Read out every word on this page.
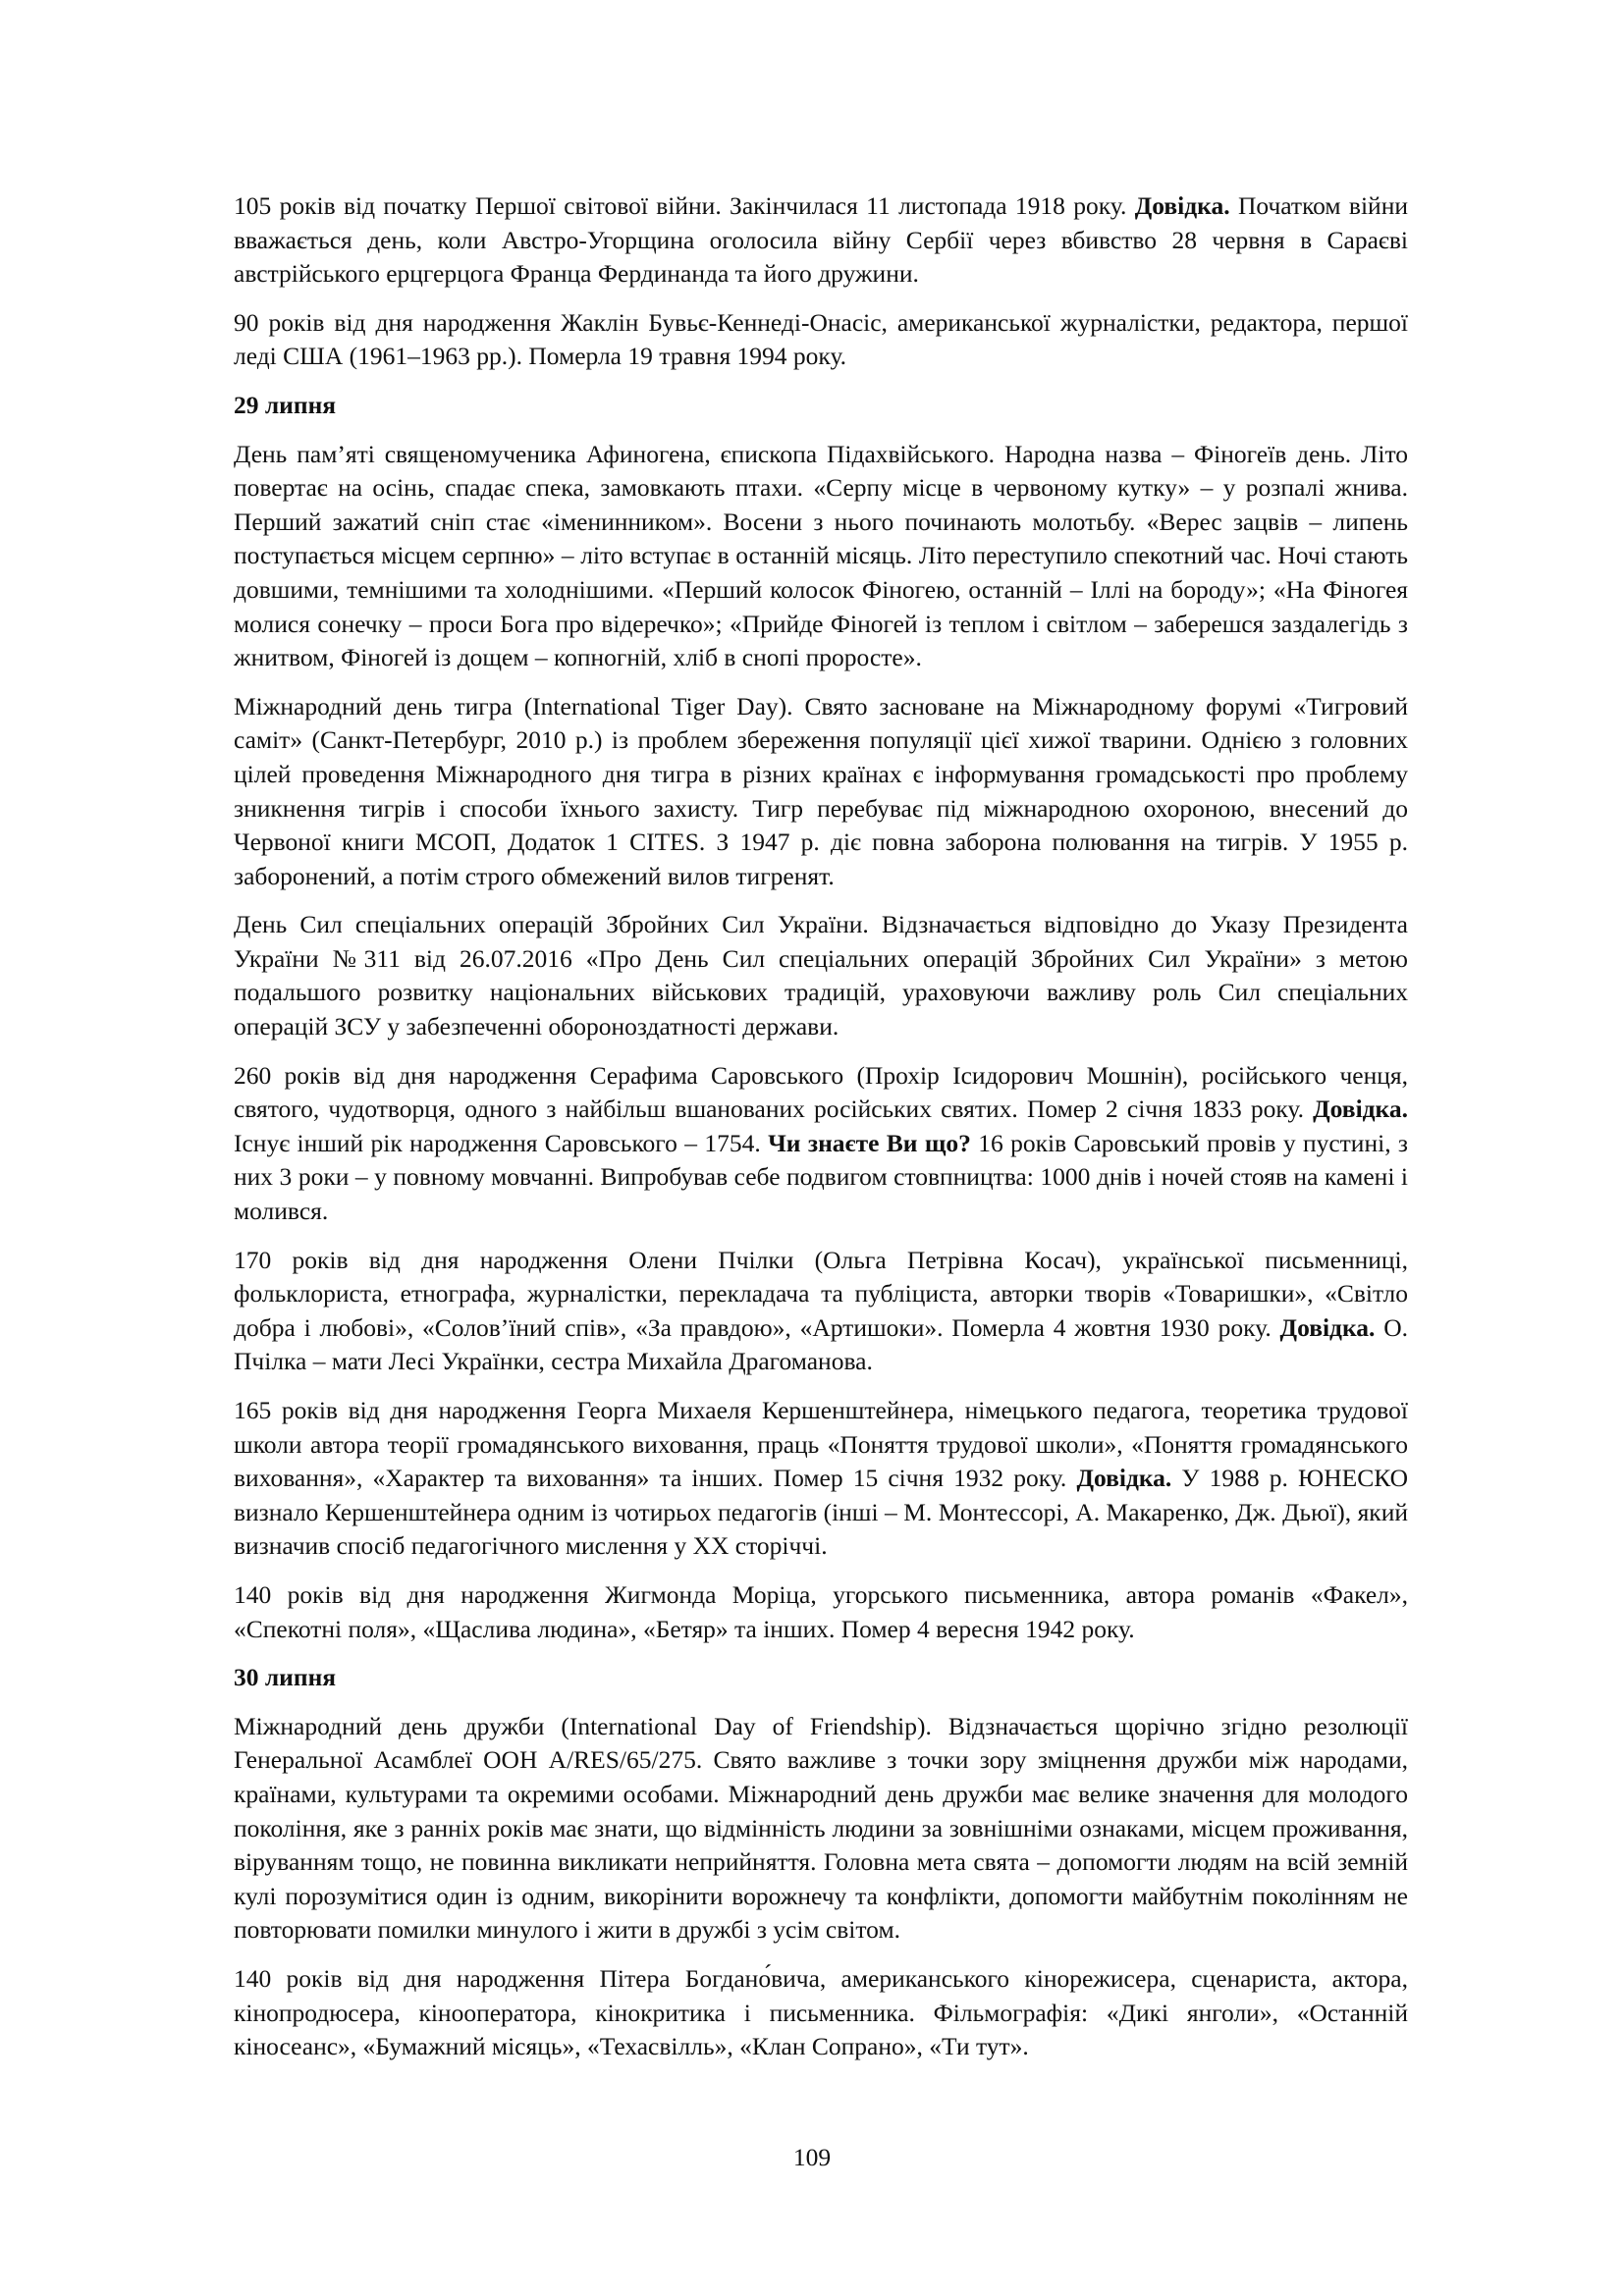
105 років від початку Першої світової війни. Закінчилася 11 листопада 1918 року. Довідка. Початком війни вважається день, коли Австро-Угорщина оголосила війну Сербії через вбивство 28 червня в Сараєві австрійського ерцгерцога Франца Фердинанда та його дружини.

90 років від дня народження Жаклін Бувьє-Кеннеді-Онасіс, американської журналістки, редактора, першої леді США (1961–1963 рр.). Померла 19 травня 1994 року.

29 липня

День пам’яті священомученика Афиногена, єпископа Підахвійського. Народна назва – Фіногеїв день. Літо повертає на осінь, спадає спека, замовкають птахи. «Серпу місце в червоному кутку» – у розпалі жнива. Перший зажатий сніп стає «іменинником». Восени з нього починають молотьбу. «Верес зацвів – липень поступається місцем серпню» – літо вступає в останній місяць. Літо переступило спекотний час. Ночі стають довшими, темнішими та холоднішими. «Перший колосок Фіногею, останній – Іллі на бороду»; «На Фіногея молися сонечку – проси Бога про відеречко»; «Прийде Фіногей із теплом і світлом – заберешся заздалегідь з жнитвом, Фіногей із дощем – копногній, хліб в снопі проросте».

Міжнародний день тигра (International Tiger Day). Свято засноване на Міжнародному форумі «Тигровий саміт» (Санкт-Петербург, 2010 р.) із проблем збереження популяції цієї хижої тварини. Однією з головних цілей проведення Міжнародного дня тигра в різних країнах є інформування громадськості про проблему зникнення тигрів і способи їхнього захисту. Тигр перебуває під міжнародною охороною, внесений до Червоної книги МСОП, Додаток 1 CITES. З 1947 р. діє повна заборона полювання на тигрів. У 1955 р. заборонений, а потім строго обмежений вилов тигренят.

День Сил спеціальних операцій Збройних Сил України. Відзначається відповідно до Указу Президента України №311 від 26.07.2016 «Про День Сил спеціальних операцій Збройних Сил України» з метою подальшого розвитку національних військових традицій, ураховуючи важливу роль Сил спеціальних операцій ЗСУ у забезпеченні обороноздатності держави.

260 років від дня народження Серафима Саровського (Прохір Ісидорович Мошнін), російського ченця, святого, чудотворця, одного з найбільш вшанованих російських святих. Помер 2 січня 1833 року. Довідка. Існує інший рік народження Саровського – 1754. Чи знаєте Ви що? 16 років Саровський провів у пустині, з них 3 роки – у повному мовчанні. Випробував себе подвигом стовпництва: 1000 днів і ночей стояв на камені і молився.

170 років від дня народження Олени Пчілки (Ольга Петрівна Косач), української письменниці, фольклориста, етнографа, журналістки, перекладача та публіциста, авторки творів «Товаришки», «Світло добра і любові», «Солов’їний спів», «За правдою», «Артишоки». Померла 4 жовтня 1930 року. Довідка. О. Пчілка – мати Лесі Українки, сестра Михайла Драгоманова.

165 років від дня народження Георга Михаеля Кершенштейнера, німецького педагога, теоретика трудової школи автора теорії громадянського виховання, праць «Поняття трудової школи», «Поняття громадянського виховання», «Характер та виховання» та інших. Помер 15 січня 1932 року. Довідка. У 1988 р. ЮНЕСКО визнало Кершенштейнера одним із чотирьох педагогів (інші – М. Монтессорі, А. Макаренко, Дж. Дьюї), який визначив спосіб педагогічного мислення у XX сторіччі.

140 років від дня народження Жигмонда Моріца, угорського письменника, автора романів «Факел», «Спекотні поля», «Щаслива людина», «Бетяр» та інших. Помер 4 вересня 1942 року.

30 липня

Міжнародний день дружби (International Day of Friendship). Відзначається щорічно згідно резолюції Генеральної Асамблеї ООН A/RES/65/275. Свято важливе з точки зору зміцнення дружби між народами, країнами, культурами та окремими особами. Міжнародний день дружби має велике значення для молодого покоління, яке з ранніх років має знати, що відмінність людини за зовнішніми ознаками, місцем проживання, віруванням тощо, не повинна викликати неприйняття. Головна мета свята – допомогти людям на всій земній кулі порозумітися один із одним, викорінити ворожнечу та конфлікти, допомогти майбутнім поколінням не повторювати помилки минулого і жити в дружбі з усім світом.

140 років від дня народження Пітера Богдано́вича, американського кінорежисера, сценариста, актора, кінопродюсера, кінооператора, кінокритика і письменника. Фільмографія: «Дикі янголи», «Останній кіносеанс», «Бумажний місяць», «Техасвілль», «Клан Сопрано», «Ти тут».

109
